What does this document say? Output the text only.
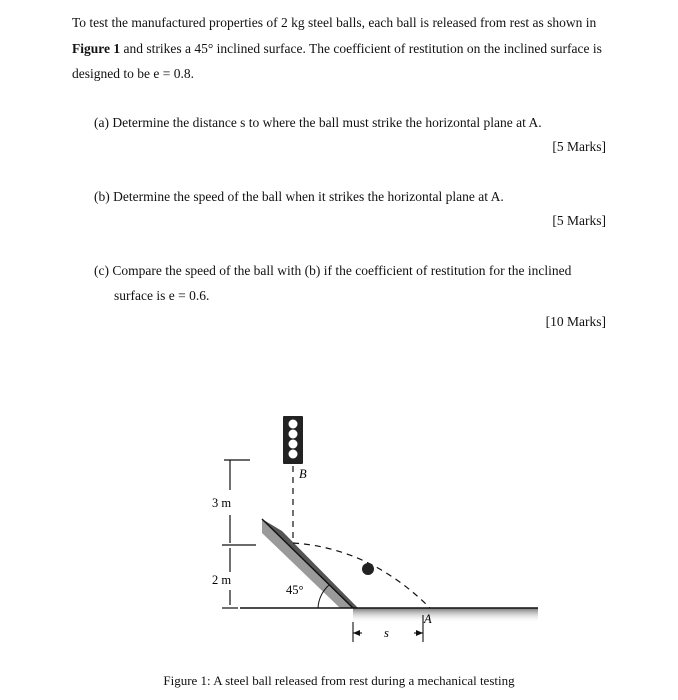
To test the manufactured properties of 2 kg steel balls, each ball is released from rest as shown in Figure 1 and strikes a 45° inclined surface. The coefficient of restitution on the inclined surface is designed to be e = 0.8.
(a) Determine the distance s to where the ball must strike the horizontal plane at A.
[5 Marks]
(b) Determine the speed of the ball when it strikes the horizontal plane at A.
[5 Marks]
(c) Compare the speed of the ball with (b) if the coefficient of restitution for the inclined
surface is e = 0.6.
[10 Marks]
B
3 m
2 m
45°
s
A
Figure 1: A steel ball released from rest during a mechanical testing
